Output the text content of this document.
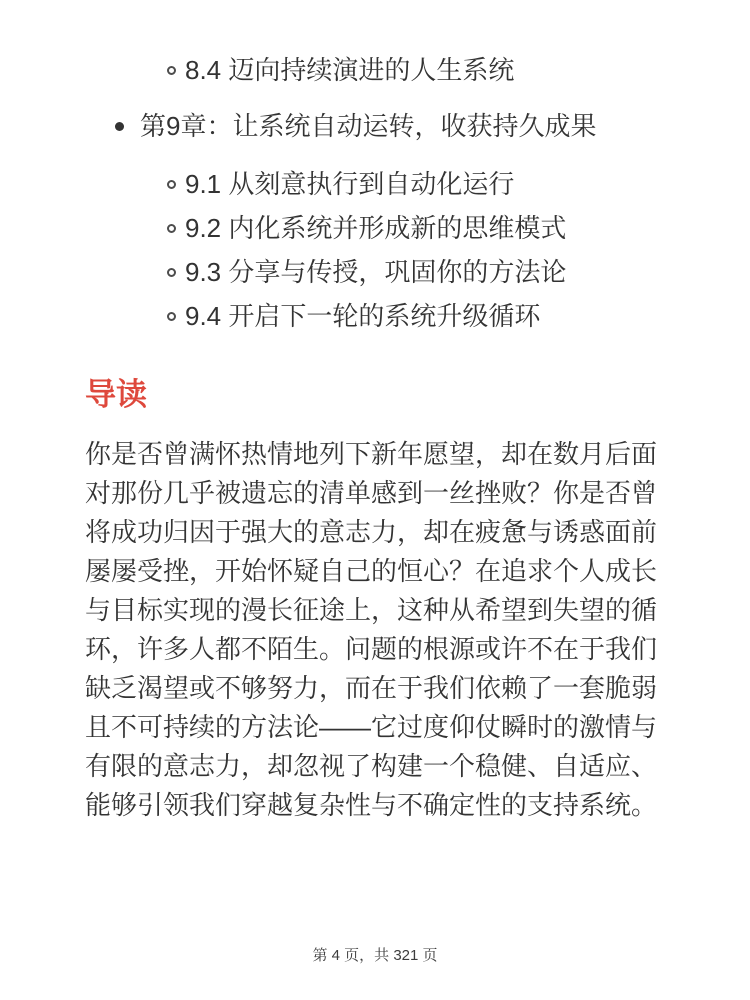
8.4 迈向持续演进的人生系统
第9章：让系统自动运转，收获持久成果
9.1 从刻意执行到自动化运行
9.2 内化系统并形成新的思维模式
9.3 分享与传授，巩固你的方法论
9.4 开启下一轮的系统升级循环
导读

你是否曾满怀热情地列下新年愿望，却在数月后面对那份几乎被遗忘的清单感到一丝挫败？你是否曾将成功归因于强大的意志力，却在疲惫与诱惑面前屡屡受挫，开始怀疑自己的恒心？在追求个人成长与目标实现的漫长征途上，这种从希望到失望的循环，许多人都不陌生。问题的根源或许不在于我们缺乏渴望或不够努力，而在于我们依赖了一套脆弱且不可持续的方法论——它过度仰仗瞬时的激情与有限的意志力，却忽视了构建一个稳健、自适应、能够引领我们穿越复杂性与不确定性的支持系统。

第 4 页，共 321 页
